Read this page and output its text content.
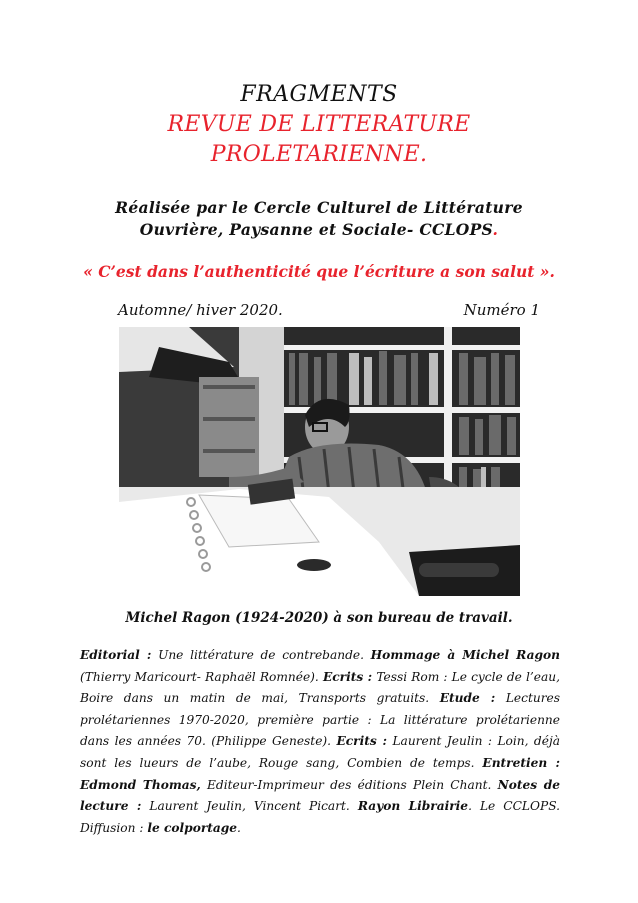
FRAGMENTS
REVUE DE LITTERATURE
PROLETARIENNE.
Réalisée par le Cercle Culturel de Littérature
Ouvrière, Paysanne et Sociale- CCLOPS.
« C’est dans l’authenticité que l’écriture a son salut ».
Automne/ hiver 2020.	Numéro 1
Michel Ragon (1924-2020) à son bureau de travail.
Editorial : Une littérature de contrebande. Hommage à Michel Ragon (Thierry Maricourt- Raphaël Romnée). Ecrits : Tessi Rom : Le cycle de l’eau, Boire dans un matin de mai, Transports gratuits. Etude : Lectures prolétariennes 1970-2020, première partie : La littérature prolétarienne dans les années 70. (Philippe Geneste). Ecrits : Laurent Jeulin : Loin, déjà sont les lueurs de l’aube, Rouge sang, Combien de temps. Entretien : Edmond Thomas, Editeur-Imprimeur des éditions Plein Chant. Notes de lecture : Laurent Jeulin, Vincent Picart. Rayon Librairie. Le CCLOPS. Diffusion : le colportage.
